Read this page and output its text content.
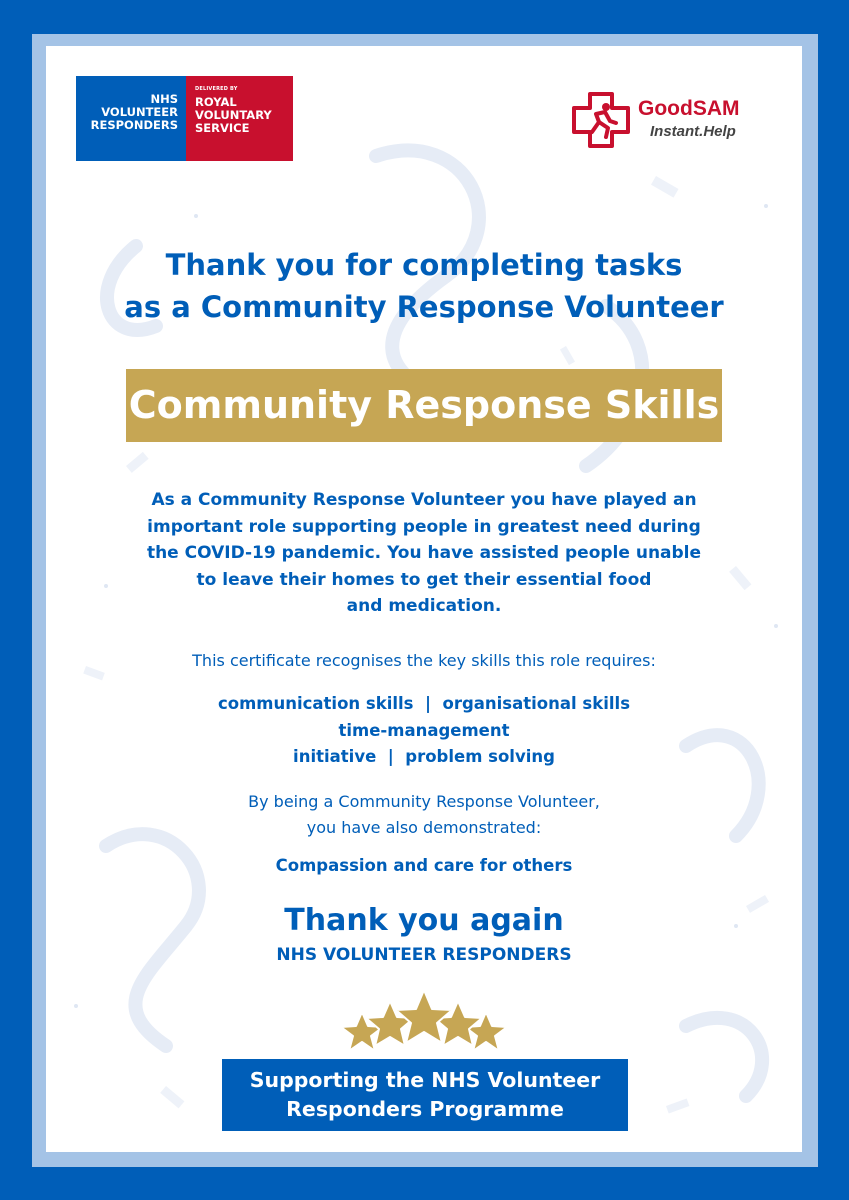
NHS
VOLUNTEER
RESPONDERS
DELIVERED BY
ROYAL
VOLUNTARY
SERVICE
GoodSAM
Instant.Help
Thank you for completing tasks
as a Community Response Volunteer
Community Response Skills
As a Community Response Volunteer you have played an
important role supporting people in greatest need during
the COVID-19 pandemic. You have assisted people unable
to leave their homes to get their essential food
and medication.
This certificate recognises the key skills this role requires:
communication skills  |  organisational skills
time-management
initiative  |  problem solving
By being a Community Response Volunteer,
you have also demonstrated:
Compassion and care for others
Thank you again
NHS VOLUNTEER RESPONDERS
Supporting the NHS Volunteer
Responders Programme
